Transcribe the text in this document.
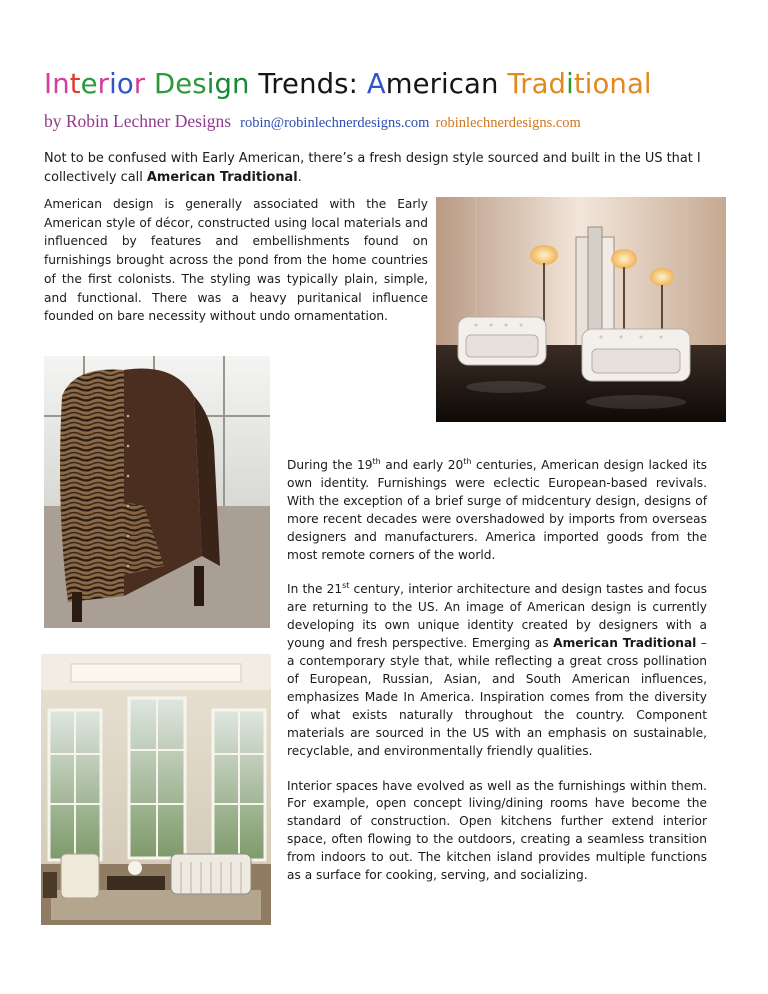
Interior Design Trends: American Traditional
by Robin Lechner Designs robin@robinlechnerdesigns.com robinlechnerdesigns.com

Not to be confused with Early American, there’s a fresh design style sourced and built in the US that I collectively call American Traditional.

American design is generally associated with the Early American style of décor, constructed using local materials and influenced by features and embellishments found on furnishings brought across the pond from the home countries of the first colonists. The styling was typically plain, simple, and functional. There was a heavy puritanical influence founded on bare necessity without undo ornamentation.

During the 19th and early 20th centuries, American design lacked its own identity. Furnishings were eclectic European-based revivals. With the exception of a brief surge of midcentury design, designs of more recent decades were overshadowed by imports from overseas designers and manufacturers. America imported goods from the most remote corners of the world.

In the 21st century, interior architecture and design tastes and focus are returning to the US. An image of American design is currently developing its own unique identity created by designers with a young and fresh perspective. Emerging as American Traditional – a contemporary style that, while reflecting a great cross pollination of European, Russian, Asian, and South American influences, emphasizes Made In America. Inspiration comes from the diversity of what exists naturally throughout the country. Component materials are sourced in the US with an emphasis on sustainable, recyclable, and environmentally friendly qualities.

Interior spaces have evolved as well as the furnishings within them. For example, open concept living/dining rooms have become the standard of construction. Open kitchens further extend interior space, often flowing to the outdoors, creating a seamless transition from indoors to out. The kitchen island provides multiple functions as a surface for cooking, serving, and socializing.
